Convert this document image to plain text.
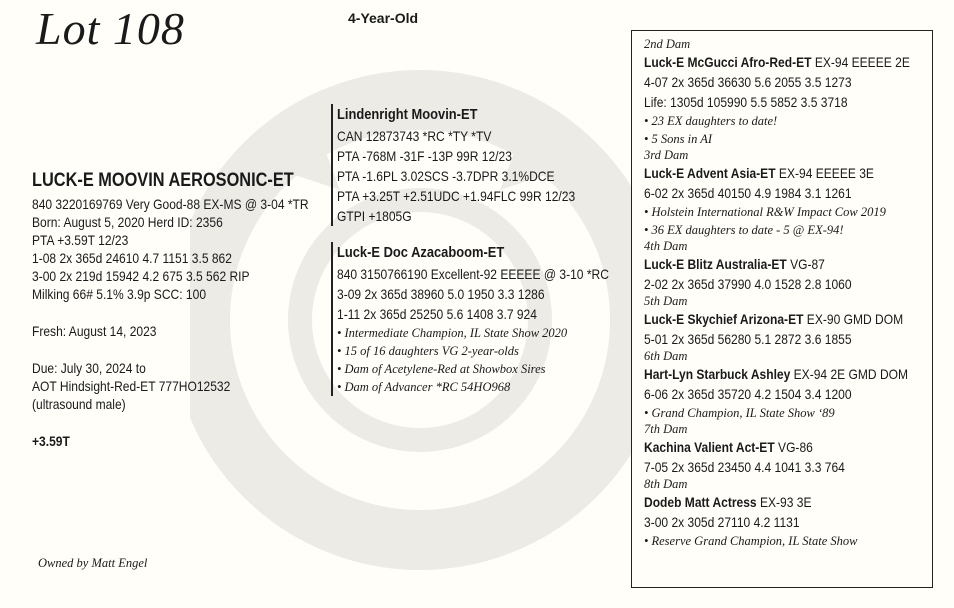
Lot 108	4-Year-Old
LUCK-E MOOVIN AEROSONIC-ET
840 3220169769 Very Good-88 EX-MS @ 3-04 *TR
Born: August 5, 2020 Herd ID: 2356
PTA +3.59T 12/23
1-08 2x 365d 24610 4.7 1151 3.5 862
3-00 2x 219d 15942 4.2 675 3.5 562 RIP
Milking 66# 5.1% 3.9p SCC: 100
Fresh: August 14, 2023
Due: July 30, 2024 to
AOT Hindsight-Red-ET 777HO12532
(ultrasound male)
+3.59T
Owned by Matt Engel
Lindenright Moovin-ET
CAN 12873743 *RC *TY *TV
PTA -768M -31F -13P 99R 12/23
PTA -1.6PL 3.02SCS -3.7DPR 3.1%DCE
PTA +3.25T +2.51UDC +1.94FLC 99R 12/23
GTPI +1805G
Luck-E Doc Azacaboom-ET
840 3150766190 Excellent-92 EEEEE @ 3-10 *RC
3-09 2x 365d 38960 5.0 1950 3.3 1286
1-11 2x 365d 25250 5.6 1408 3.7 924
• Intermediate Champion, IL State Show 2020
• 15 of 16 daughters VG 2-year-olds
• Dam of Acetylene-Red at Showbox Sires
• Dam of Advancer *RC 54HO968
2nd Dam
Luck-E McGucci Afro-Red-ET EX-94 EEEEE 2E
4-07 2x 365d 36630 5.6 2055 3.5 1273
Life: 1305d 105990 5.5 5852 3.5 3718
• 23 EX daughters to date!
• 5 Sons in AI
3rd Dam
Luck-E Advent Asia-ET EX-94 EEEEE 3E
6-02 2x 365d 40150 4.9 1984 3.1 1261
• Holstein International R&W Impact Cow 2019
• 36 EX daughters to date - 5 @ EX-94!
4th Dam
Luck-E Blitz Australia-ET VG-87
2-02 2x 365d 37990 4.0 1528 2.8 1060
5th Dam
Luck-E Skychief Arizona-ET EX-90 GMD DOM
5-01 2x 365d 56280 5.1 2872 3.6 1855
6th Dam
Hart-Lyn Starbuck Ashley EX-94 2E GMD DOM
6-06 2x 365d 35720 4.2 1504 3.4 1200
• Grand Champion, IL State Show ‘89
7th Dam
Kachina Valient Act-ET VG-86
7-05 2x 365d 23450 4.4 1041 3.3 764
8th Dam
Dodeb Matt Actress EX-93 3E
3-00 2x 305d 27110 4.2 1131
• Reserve Grand Champion, IL State Show
